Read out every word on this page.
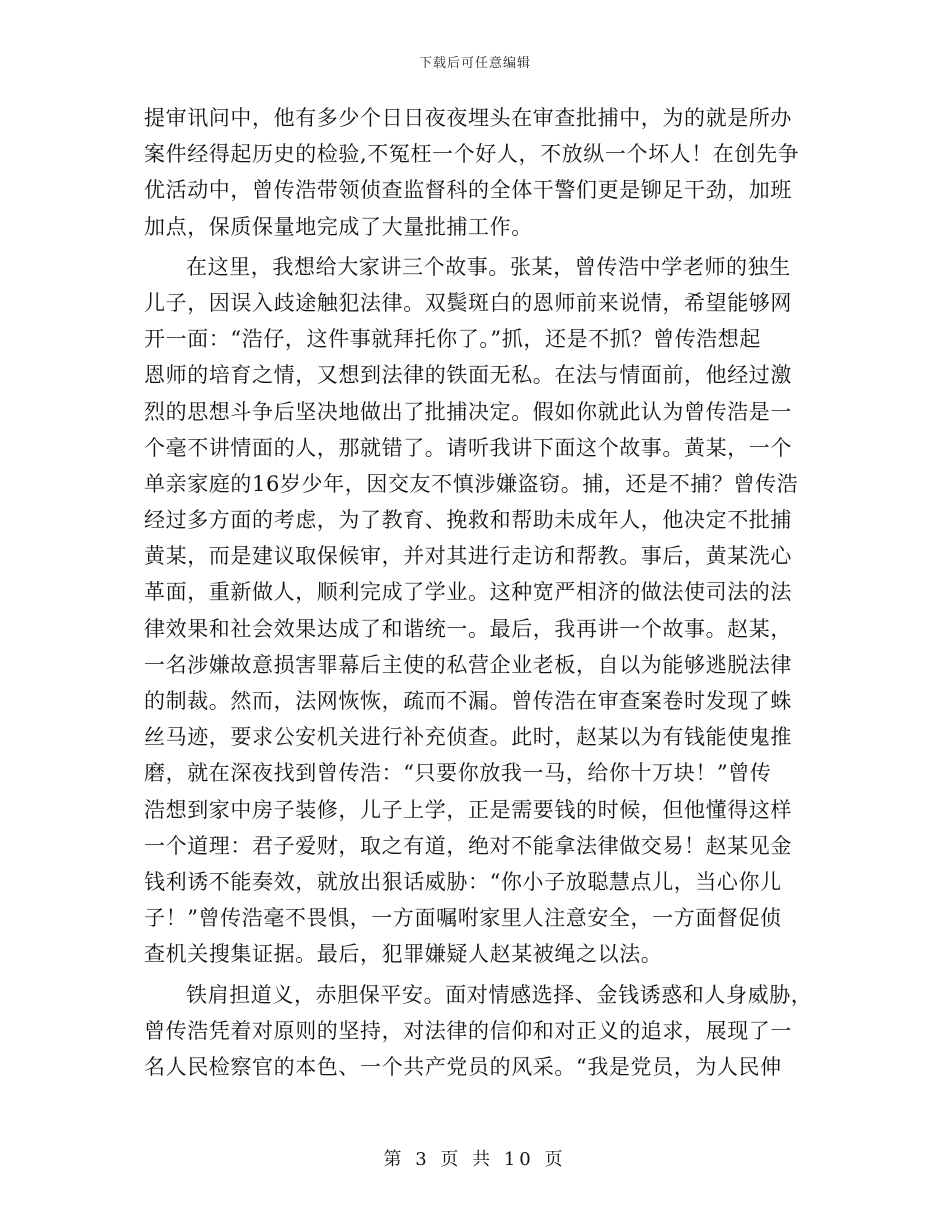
下载后可任意编辑
提审讯问中，他有多少个日日夜夜埋头在审查批捕中，为的就是所办
案件经得起历史的检验,不冤枉一个好人，不放纵一个坏人！在创先争
优活动中，曾传浩带领侦查监督科的全体干警们更是铆足干劲，加班
加点，保质保量地完成了大量批捕工作。
在这里，我想给大家讲三个故事。张某，曾传浩中学老师的独生
儿子，因误入歧途触犯法律。双鬓斑白的恩师前来说情，希望能够网
开一面：“浩仔，这件事就拜托你了。”抓，还是不抓？曾传浩想起
恩师的培育之情，又想到法律的铁面无私。在法与情面前，他经过激
烈的思想斗争后坚决地做出了批捕决定。假如你就此认为曾传浩是一
个毫不讲情面的人，那就错了。请听我讲下面这个故事。黄某，一个
单亲家庭的16岁少年，因交友不慎涉嫌盗窃。捕，还是不捕？曾传浩
经过多方面的考虑，为了教育、挽救和帮助未成年人，他决定不批捕
黄某，而是建议取保候审，并对其进行走访和帮教。事后，黄某洗心
革面，重新做人，顺利完成了学业。这种宽严相济的做法使司法的法
律效果和社会效果达成了和谐统一。最后，我再讲一个故事。赵某，
一名涉嫌故意损害罪幕后主使的私营企业老板，自以为能够逃脱法律
的制裁。然而，法网恢恢，疏而不漏。曾传浩在审查案卷时发现了蛛
丝马迹，要求公安机关进行补充侦查。此时，赵某以为有钱能使鬼推
磨，就在深夜找到曾传浩：“只要你放我一马，给你十万块！”曾传
浩想到家中房子装修，儿子上学，正是需要钱的时候，但他懂得这样
一个道理：君子爱财，取之有道，绝对不能拿法律做交易！赵某见金
钱利诱不能奏效，就放出狠话威胁：“你小子放聪慧点儿，当心你儿
子！”曾传浩毫不畏惧，一方面嘱咐家里人注意安全，一方面督促侦
查机关搜集证据。最后，犯罪嫌疑人赵某被绳之以法。
铁肩担道义，赤胆保平安。面对情感选择、金钱诱惑和人身威胁，
曾传浩凭着对原则的坚持，对法律的信仰和对正义的追求，展现了一
名人民检察官的本色、一个共产党员的风采。“我是党员，为人民伸
第 3 页 共 10 页
